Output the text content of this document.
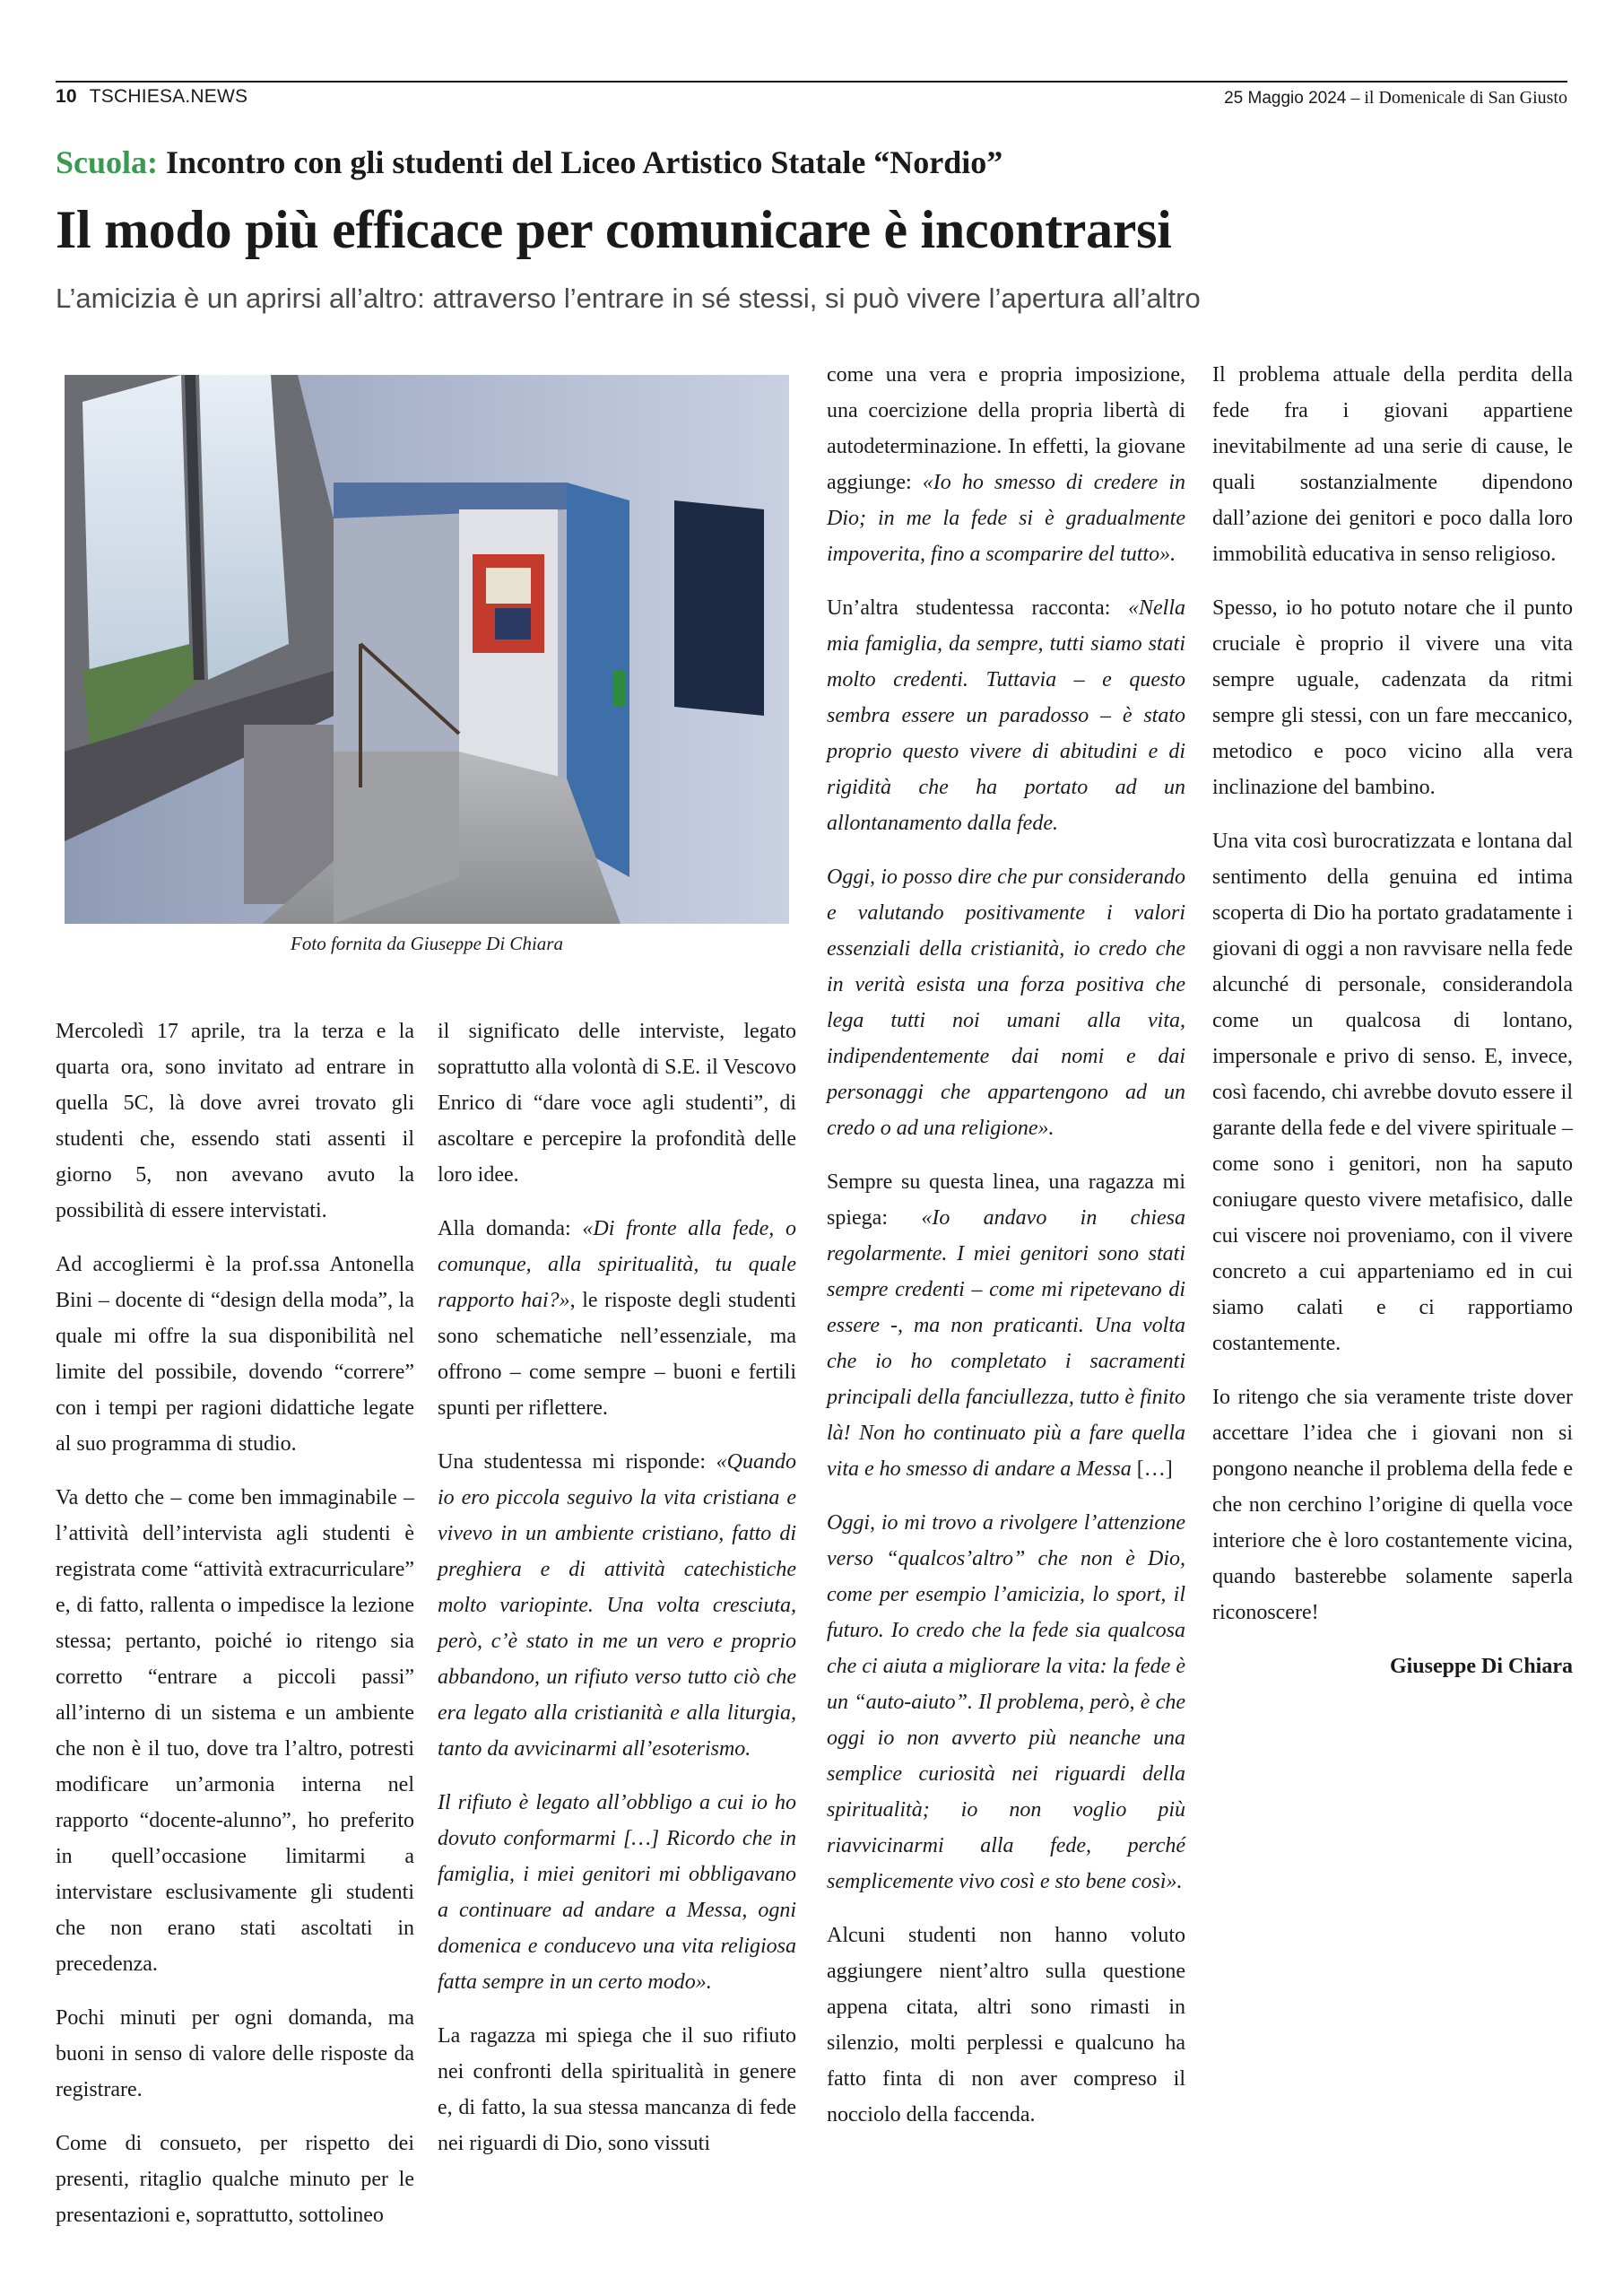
10 TSCHIESA.NEWS	25 Maggio 2024 – il Domenicale di San Giusto
Scuola: Incontro con gli studenti del Liceo Artistico Statale “Nordio”
Il modo più efficace per comunicare è incontrarsi
L’amicizia è un aprirsi all’altro: attraverso l’entrare in sé stessi, si può vivere l’apertura all’altro
Foto fornita da Giuseppe Di Chiara

Mercoledì 17 aprile, tra la terza e la quarta ora, sono invitato ad entrare in quella 5C, là dove avrei trovato gli studenti che, essendo stati assenti il giorno 5, non avevano avuto la possibilità di essere intervistati.

Ad accogliermi è la prof.ssa Antonella Bini – docente di “design della moda”, la quale mi offre la sua disponibilità nel limite del possibile, dovendo “correre” con i tempi per ragioni didattiche legate al suo programma di studio.

Va detto che – come ben immaginabile – l’attività dell’intervista agli studenti è registrata come “attività extracurriculare” e, di fatto, rallenta o impedisce la lezione stessa; pertanto, poiché io ritengo sia corretto “entrare a piccoli passi” all’interno di un sistema e un ambiente che non è il tuo, dove tra l’altro, potresti modificare un’armonia interna nel rapporto “docente-alunno”, ho preferito in quell’occasione limitarmi a intervistare esclusivamente gli studenti che non erano stati ascoltati in precedenza.

Pochi minuti per ogni domanda, ma buoni in senso di valore delle risposte da registrare.

Come di consueto, per rispetto dei presenti, ritaglio qualche minuto per le presentazioni e, soprattutto, sottolineo

il significato delle interviste, legato soprattutto alla volontà di S.E. il Vescovo Enrico di “dare voce agli studenti”, di ascoltare e percepire la profondità delle loro idee.

Alla domanda: «Di fronte alla fede, o comunque, alla spiritualità, tu quale rapporto hai?», le risposte degli studenti sono schematiche nell’essenziale, ma offrono – come sempre – buoni e fertili spunti per riflettere.

Una studentessa mi risponde: «Quando io ero piccola seguivo la vita cristiana e vivevo in un ambiente cristiano, fatto di preghiera e di attività catechistiche molto variopinte. Una volta cresciuta, però, c’è stato in me un vero e proprio abbandono, un rifiuto verso tutto ciò che era legato alla cristianità e alla liturgia, tanto da avvicinarmi all’esoterismo.

Il rifiuto è legato all’obbligo a cui io ho dovuto conformarmi […] Ricordo che in famiglia, i miei genitori mi obbligavano a continuare ad andare a Messa, ogni domenica e conducevo una vita religiosa fatta sempre in un certo modo».

La ragazza mi spiega che il suo rifiuto nei confronti della spiritualità in genere e, di fatto, la sua stessa mancanza di fede nei riguardi di Dio, sono vissuti

come una vera e propria imposizione, una coercizione della propria libertà di autodeterminazione. In effetti, la giovane aggiunge: «Io ho smesso di credere in Dio; in me la fede si è gradualmente impoverita, fino a scomparire del tutto».

Un’altra studentessa racconta: «Nella mia famiglia, da sempre, tutti siamo stati molto credenti. Tuttavia – e questo sembra essere un paradosso – è stato proprio questo vivere di abitudini e di rigidità che ha portato ad un allontanamento dalla fede.

Oggi, io posso dire che pur considerando e valutando positivamente i valori essenziali della cristianità, io credo che in verità esista una forza positiva che lega tutti noi umani alla vita, indipendentemente dai nomi e dai personaggi che appartengono ad un credo o ad una religione».

Sempre su questa linea, una ragazza mi spiega: «Io andavo in chiesa regolarmente. I miei genitori sono stati sempre credenti – come mi ripetevano di essere -, ma non praticanti. Una volta che io ho completato i sacramenti principali della fanciullezza, tutto è finito là! Non ho continuato più a fare quella vita e ho smesso di andare a Messa […]

Oggi, io mi trovo a rivolgere l’attenzione verso “qualcos’altro” che non è Dio, come per esempio l’amicizia, lo sport, il futuro. Io credo che la fede sia qualcosa che ci aiuta a migliorare la vita: la fede è un “auto-aiuto”. Il problema, però, è che oggi io non avverto più neanche una semplice curiosità nei riguardi della spiritualità; io non voglio più riavvicinarmi alla fede, perché semplicemente vivo così e sto bene così».

Alcuni studenti non hanno voluto aggiungere nient’altro sulla questione appena citata, altri sono rimasti in silenzio, molti perplessi e qualcuno ha fatto finta di non aver compreso il nocciolo della faccenda.

Il problema attuale della perdita della fede fra i giovani appartiene inevitabilmente ad una serie di cause, le quali sostanzialmente dipendono dall’azione dei genitori e poco dalla loro immobilità educativa in senso religioso.

Spesso, io ho potuto notare che il punto cruciale è proprio il vivere una vita sempre uguale, cadenzata da ritmi sempre gli stessi, con un fare meccanico, metodico e poco vicino alla vera inclinazione del bambino.

Una vita così burocratizzata e lontana dal sentimento della genuina ed intima scoperta di Dio ha portato gradatamente i giovani di oggi a non ravvisare nella fede alcunché di personale, considerandola come un qualcosa di lontano, impersonale e privo di senso. E, invece, così facendo, chi avrebbe dovuto essere il garante della fede e del vivere spirituale – come sono i genitori, non ha saputo coniugare questo vivere metafisico, dalle cui viscere noi proveniamo, con il vivere concreto a cui apparteniamo ed in cui siamo calati e ci rapportiamo costantemente.

Io ritengo che sia veramente triste dover accettare l’idea che i giovani non si pongono neanche il problema della fede e che non cerchino l’origine di quella voce interiore che è loro costantemente vicina, quando basterebbe solamente saperla riconoscere!

Giuseppe Di Chiara
